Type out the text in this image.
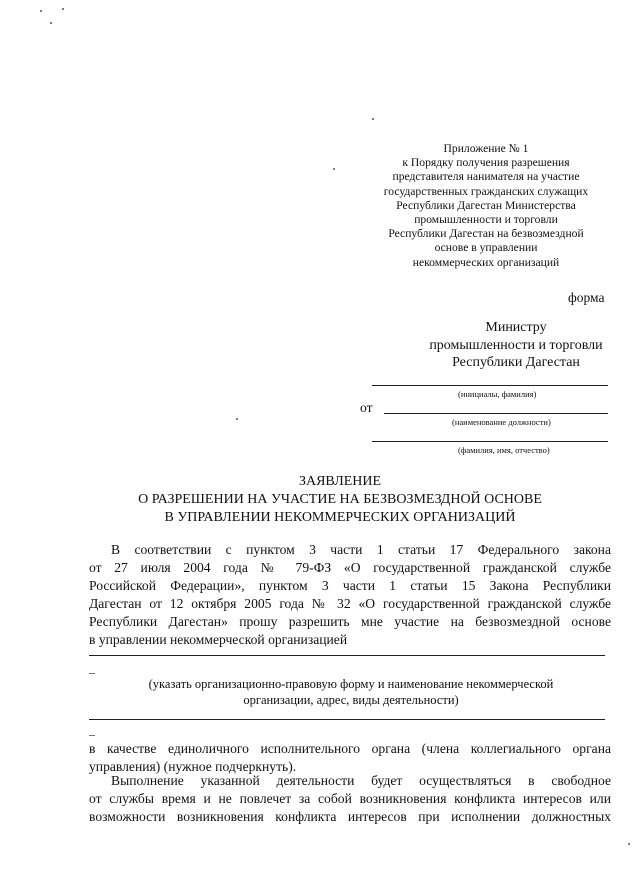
Приложение № 1
к Порядку получения разрешения
представителя нанимателя на участие
государственных гражданских служащих
Республики Дагестан Министерства
промышленности и торговли
Республики Дагестан на безвозмездной
основе в управлении
некоммерческих организаций
форма
Министру
промышленности и торговли
Республики Дагестан
(инициалы, фамилия)
от
(наименование должности)
(фамилия, имя, отчество)
ЗАЯВЛЕНИЕ
О РАЗРЕШЕНИИ НА УЧАСТИЕ НА БЕЗВОЗМЕЗДНОЙ ОСНОВЕ
В УПРАВЛЕНИИ НЕКОММЕРЧЕСКИХ ОРГАНИЗАЦИЙ
В соответствии с пунктом 3 части 1 статьи 17 Федерального закона
от 27 июля 2004 года № 79-ФЗ «О государственной гражданской службе
Российской Федерации», пунктом 3 части 1 статьи 15 Закона Республики
Дагестан от 12 октября 2005 года № 32 «О государственной гражданской службе
Республики Дагестан» прошу разрешить мне участие на безвозмездной основе
в управлении некоммерческой организацией
–
(указать организационно-правовую форму и наименование некоммерческой
организации, адрес, виды деятельности)
–
в качестве единоличного исполнительного органа (члена коллегиального органа
управления) (нужное подчеркнуть).
Выполнение указанной деятельности будет осуществляться в свободное
от службы время и не повлечет за собой возникновения конфликта интересов или
возможности возникновения конфликта интересов при исполнении должностных
